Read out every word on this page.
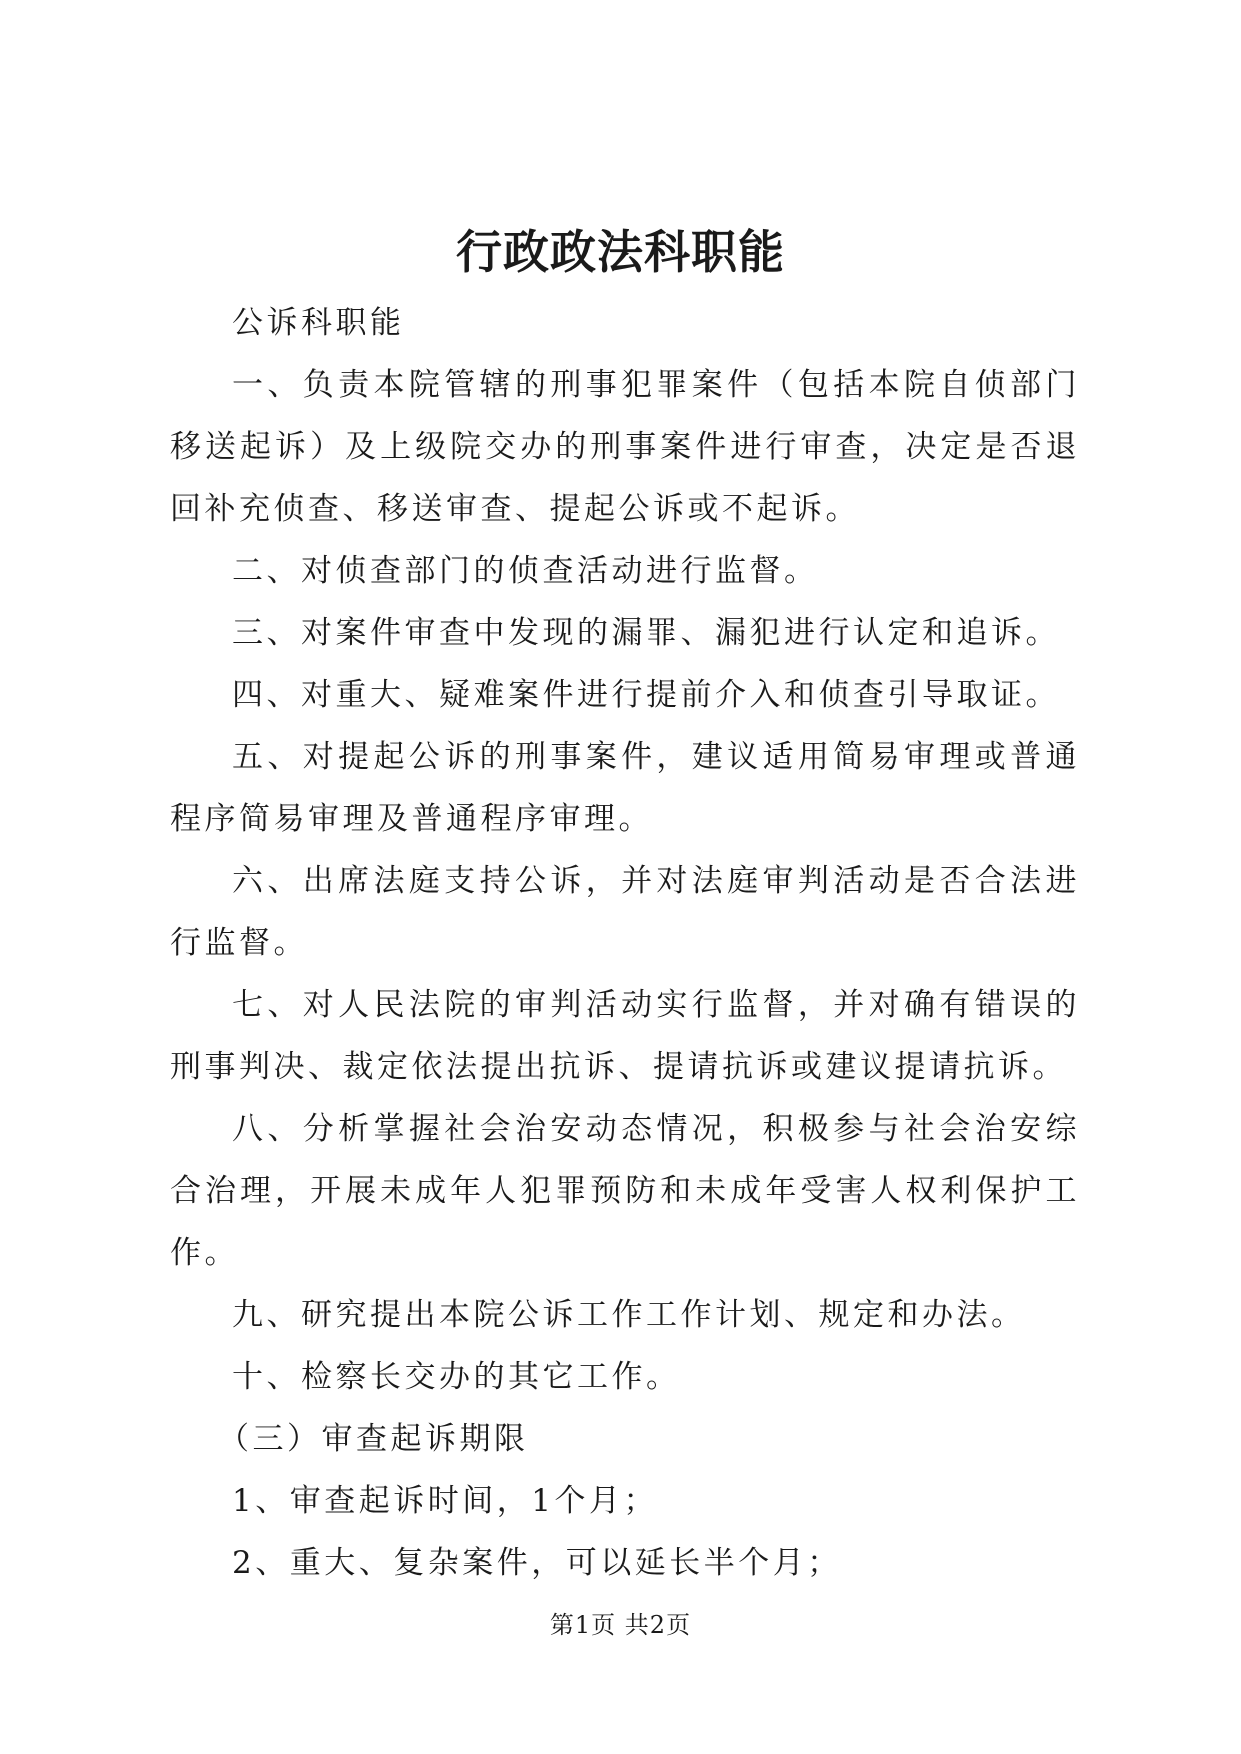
行政政法科职能

公诉科职能

一、负责本院管辖的刑事犯罪案件（包括本院自侦部门移送起诉）及上级院交办的刑事案件进行审查，决定是否退回补充侦查、移送审查、提起公诉或不起诉。

二、对侦查部门的侦查活动进行监督。

三、对案件审查中发现的漏罪、漏犯进行认定和追诉。

四、对重大、疑难案件进行提前介入和侦查引导取证。

五、对提起公诉的刑事案件，建议适用简易审理或普通程序简易审理及普通程序审理。

六、出席法庭支持公诉，并对法庭审判活动是否合法进行监督。

七、对人民法院的审判活动实行监督，并对确有错误的刑事判决、裁定依法提出抗诉、提请抗诉或建议提请抗诉。

八、分析掌握社会治安动态情况，积极参与社会治安综合治理，开展未成年人犯罪预防和未成年受害人权利保护工作。

九、研究提出本院公诉工作工作计划、规定和办法。

十、检察长交办的其它工作。

（三）审查起诉期限

1、审查起诉时间，1个月；

2、重大、复杂案件，可以延长半个月；

第1页 共2页
